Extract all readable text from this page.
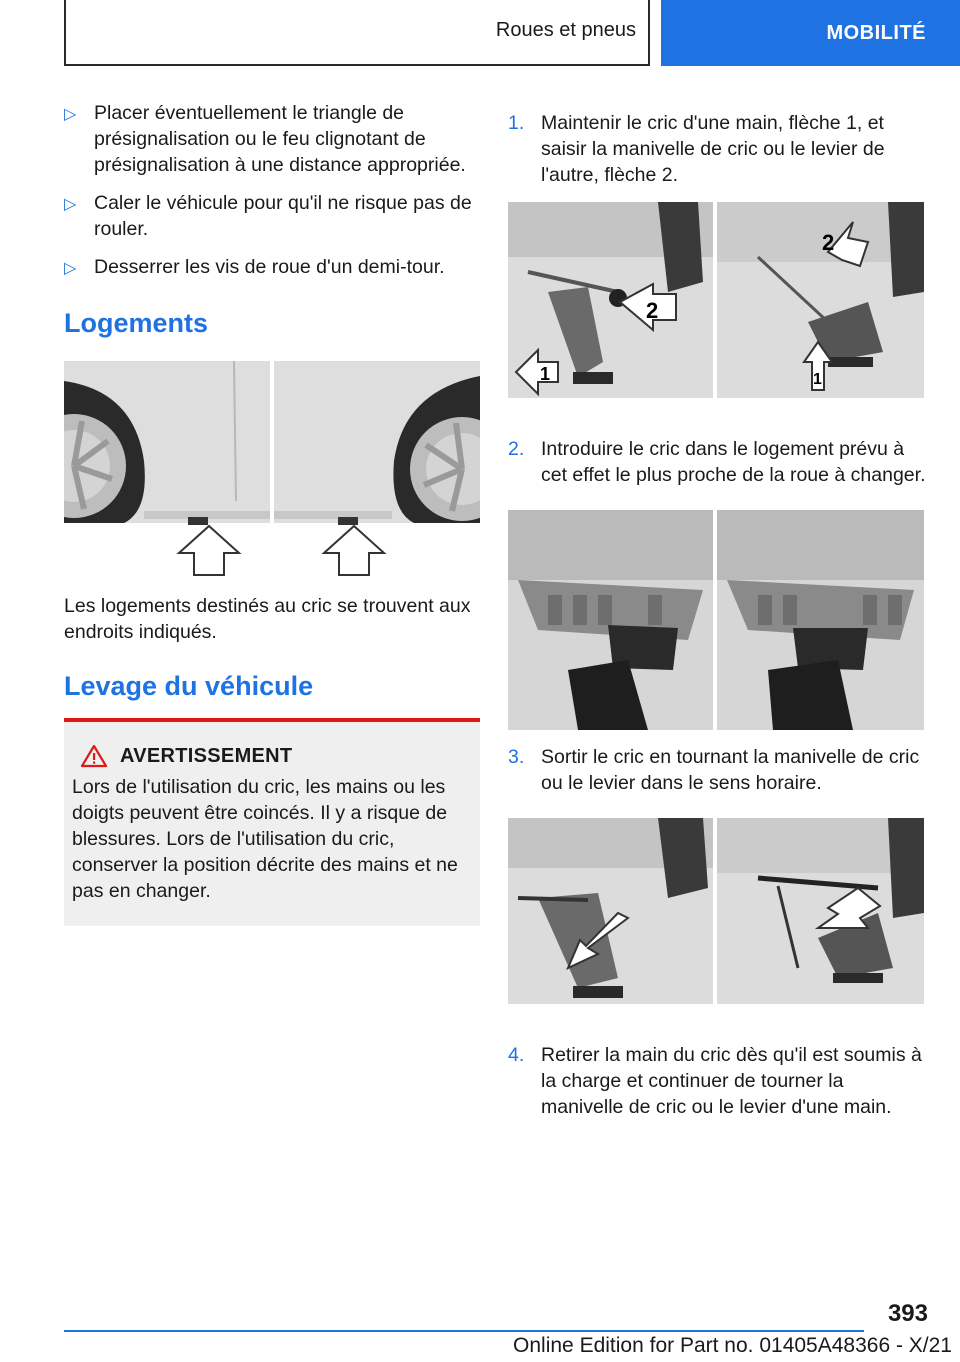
Roues et pneus	MOBILITÉ
▷ Placer éventuellement le triangle de présignalisation ou le feu clignotant de présignalisation à une distance appropriée.
▷ Caler le véhicule pour qu'il ne risque pas de rouler.
▷ Desserrer les vis de roue d'un demi-tour.
Logements

Les logements destinés au cric se trouvent aux endroits indiqués.

Levage du véhicule
AVERTISSEMENT

Lors de l'utilisation du cric, les mains ou les doigts peuvent être coincés. Il y a risque de blessures. Lors de l'utilisation du cric, conserver la position décrite des mains et ne pas en changer.

1. Maintenir le cric d'une main, flèche 1, et saisir la manivelle de cric ou le levier de l'autre, flèche 2.
1
2
2
1
2. Introduire le cric dans le logement prévu à cet effet le plus proche de la roue à changer.
3. Sortir le cric en tournant la manivelle de cric ou le levier dans le sens horaire.
4. Retirer la main du cric dès qu'il est soumis à la charge et continuer de tourner la manivelle de cric ou le levier d'une main.
393
Online Edition for Part no. 01405A48366 - X/21
